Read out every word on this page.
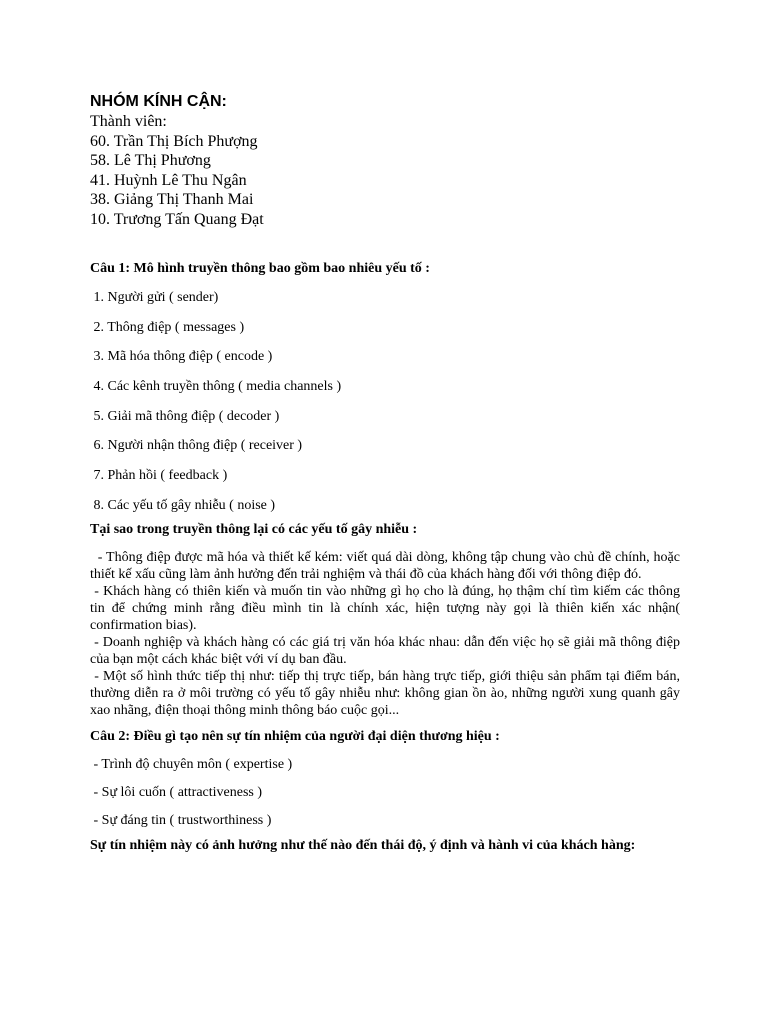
NHÓM KÍNH CẬN:

Thành viên:
60. Trần Thị Bích Phượng
58. Lê Thị Phương
41. Huỳnh Lê Thu Ngân
38. Giảng Thị Thanh Mai
10. Trương Tấn Quang Đạt

Câu 1: Mô hình truyền thông bao gồm bao nhiêu yếu tố :

1. Người gửi ( sender)

2. Thông điệp ( messages )

3. Mã hóa thông điệp ( encode )

4. Các kênh truyền thông ( media channels )

5. Giải mã thông điệp ( decoder )

6. Người nhận thông điệp ( receiver )

7. Phản hồi ( feedback )

8. Các yếu tố gây nhiễu ( noise )

Tại sao trong truyền thông lại có các yếu tố gây nhiễu :

- Thông điệp được mã hóa và thiết kế kém: viết quá dài dòng, không tập chung vào chủ đề chính, hoặc thiết kế xấu cũng làm ảnh hưởng đến trải nghiệm và thái đồ của khách hàng đối với thông điệp đó.

- Khách hàng có thiên kiến và muốn tin vào những gì họ cho là đúng, họ thậm chí tìm kiếm các thông tin để chứng minh rằng điều mình tin là chính xác, hiện tượng này gọi là thiên kiến xác nhận( confirmation bias).

- Doanh nghiệp và khách hàng có các giá trị văn hóa khác nhau: dẫn đến việc họ sẽ giải mã thông điệp của bạn một cách khác biệt với ví dụ ban đầu.

- Một số hình thức tiếp thị như: tiếp thị trực tiếp, bán hàng trực tiếp, giới thiệu sản phẩm tại điểm bán, thường diễn ra ở môi trường có yếu tố gây nhiễu như: không gian ồn ào, những người xung quanh gây xao nhãng, điện thoại thông minh thông báo cuộc gọi...

Câu 2: Điều gì tạo nên sự tín nhiệm của người đại diện thương hiệu :

- Trình độ chuyên môn ( expertise )

- Sự lôi cuốn ( attractiveness )

- Sự đáng tin ( trustworthiness )

Sự tín nhiệm này có ảnh hưởng như thế nào đến thái độ, ý định và hành vi của khách hàng:
